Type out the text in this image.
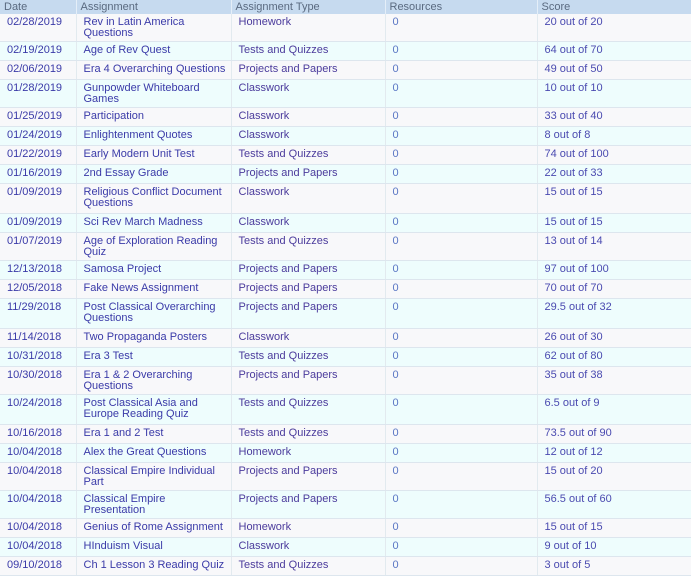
Date	Assignment	Assignment Type	Resources	Score
02/28/2019	Rev in Latin America Questions	Homework	0	20 out of 20
02/19/2019	Age of Rev Quest	Tests and Quizzes	0	64 out of 70
02/06/2019	Era 4 Overarching Questions	Projects and Papers	0	49 out of 50
01/28/2019	Gunpowder Whiteboard Games	Classwork	0	10 out of 10
01/25/2019	Participation	Classwork	0	33 out of 40
01/24/2019	Enlightenment Quotes	Classwork	0	8 out of 8
01/22/2019	Early Modern Unit Test	Tests and Quizzes	0	74 out of 100
01/16/2019	2nd Essay Grade	Projects and Papers	0	22 out of 33
01/09/2019	Religious Conflict Document Questions	Classwork	0	15 out of 15
01/09/2019	Sci Rev March Madness	Classwork	0	15 out of 15
01/07/2019	Age of Exploration Reading Quiz	Tests and Quizzes	0	13 out of 14
12/13/2018	Samosa Project	Projects and Papers	0	97 out of 100
12/05/2018	Fake News Assignment	Projects and Papers	0	70 out of 70
11/29/2018	Post Classical Overarching Questions	Projects and Papers	0	29.5 out of 32
11/14/2018	Two Propaganda Posters	Classwork	0	26 out of 30
10/31/2018	Era 3 Test	Tests and Quizzes	0	62 out of 80
10/30/2018	Era 1 & 2 Overarching Questions	Projects and Papers	0	35 out of 38
10/24/2018	Post Classical Asia and Europe Reading Quiz	Tests and Quizzes	0	6.5 out of 9
10/16/2018	Era 1 and 2 Test	Tests and Quizzes	0	73.5 out of 90
10/04/2018	Alex the Great Questions	Homework	0	12 out of 12
10/04/2018	Classical Empire Individual Part	Projects and Papers	0	15 out of 20
10/04/2018	Classical Empire Presentation	Projects and Papers	0	56.5 out of 60
10/04/2018	Genius of Rome Assignment	Homework	0	15 out of 15
10/04/2018	HInduism Visual	Classwork	0	9 out of 10
09/10/2018	Ch 1 Lesson 3 Reading Quiz	Tests and Quizzes	0	3 out of 5
